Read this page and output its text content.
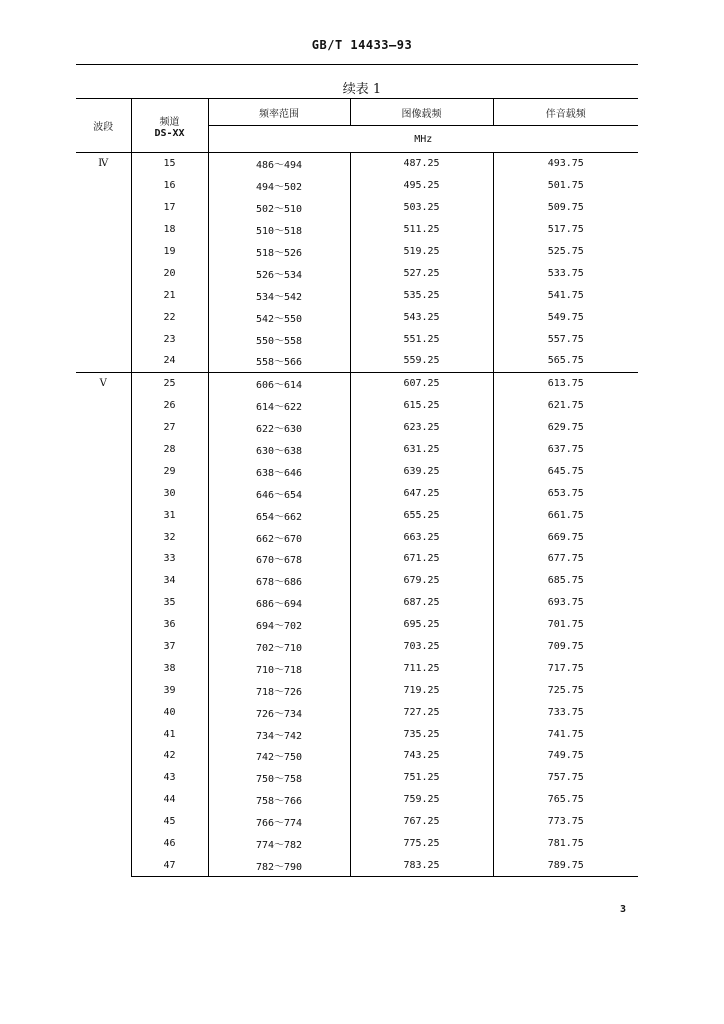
GB/T 14433—93
续表 1
波段	频道
DS-XX	频率范围	图像载频	伴音载频
		MHz		
Ⅳ	15	486～494	487.25	493.75
	16	494～502	495.25	501.75
	17	502～510	503.25	509.75
	18	510～518	511.25	517.75
	19	518～526	519.25	525.75
	20	526～534	527.25	533.75
	21	534～542	535.25	541.75
	22	542～550	543.25	549.75
	23	550～558	551.25	557.75
	24	558～566	559.25	565.75
Ⅴ	25	606～614	607.25	613.75
	26	614～622	615.25	621.75
	27	622～630	623.25	629.75
	28	630～638	631.25	637.75
	29	638～646	639.25	645.75
	30	646～654	647.25	653.75
	31	654～662	655.25	661.75
	32	662～670	663.25	669.75
	33	670～678	671.25	677.75
	34	678～686	679.25	685.75
	35	686～694	687.25	693.75
	36	694～702	695.25	701.75
	37	702～710	703.25	709.75
	38	710～718	711.25	717.75
	39	718～726	719.25	725.75
	40	726～734	727.25	733.75
	41	734～742	735.25	741.75
	42	742～750	743.25	749.75
	43	750～758	751.25	757.75
	44	758～766	759.25	765.75
	45	766～774	767.25	773.75
	46	774～782	775.25	781.75
	47	782～790	783.25	789.75
3
